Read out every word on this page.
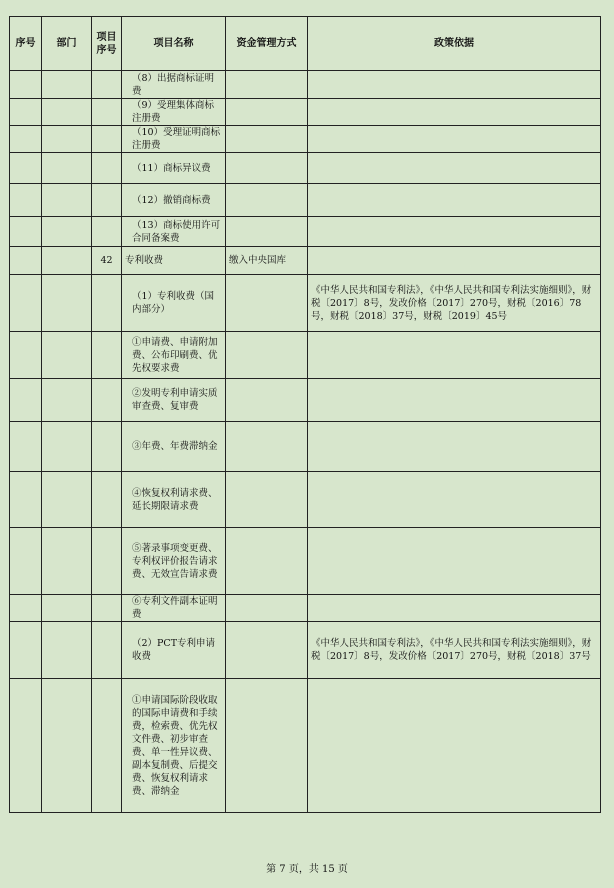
序号	部门	项目序号	项目名称	资金管理方式	政策依据
			（8）出据商标证明费		
			（9）受理集体商标注册费		
			（10）受理证明商标注册费		
			（11）商标异议费		
			（12）撤销商标费		
			（13）商标使用许可合同备案费		
		42	专利收费	缴入中央国库	
			（1）专利收费（国内部分）		《中华人民共和国专利法》，《中华人民共和国专利法实施细则》，财税〔2017〕8号，发改价格〔2017〕270号，财税〔2016〕78号，财税〔2018〕37号，财税〔2019〕45号
			①申请费、申请附加费、公布印刷费、优先权要求费		
			②发明专利申请实质审查费、复审费		
			③年费、年费滞纳金		
			④恢复权利请求费、延长期限请求费		
			⑤著录事项变更费、专利权评价报告请求费、无效宣告请求费		
			⑥专利文件副本证明费		
			（2）PCT专利申请收费		《中华人民共和国专利法》，《中华人民共和国专利法实施细则》，财税〔2017〕8号，发改价格〔2017〕270号，财税〔2018〕37号
			①申请国际阶段收取的国际申请费和手续费，检索费、优先权文件费、初步审查费、单一性异议费、副本复制费、后提交费、恢复权利请求费、滞纳金		
第 7 页，共 15 页
